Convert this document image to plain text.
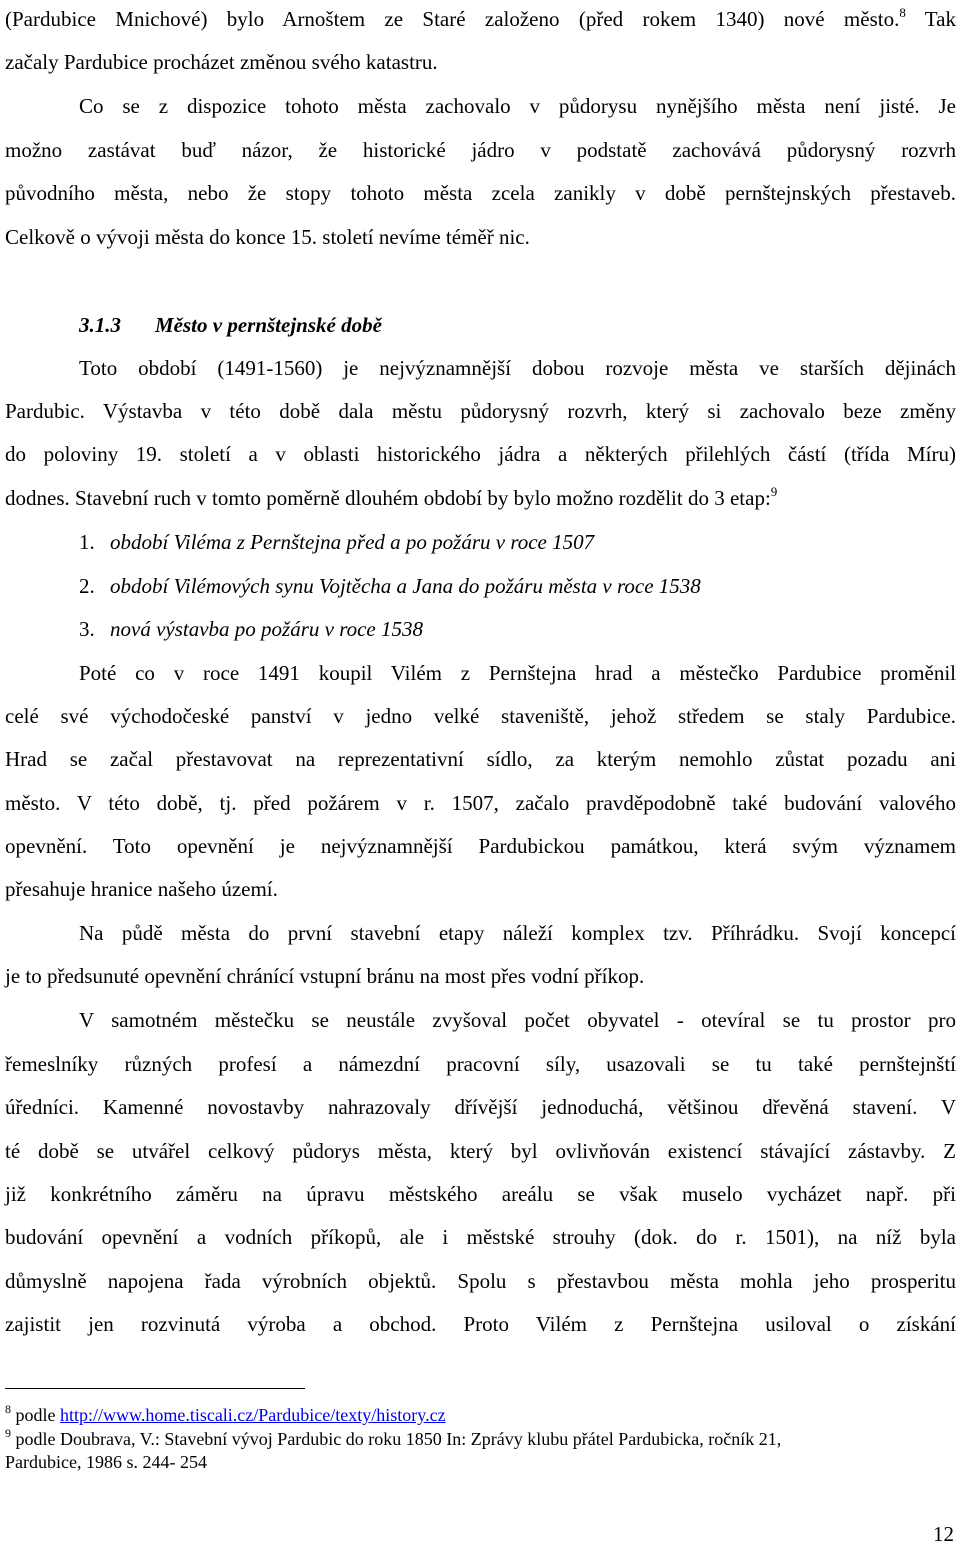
(Pardubice Mnichové) bylo Arnoštem ze Staré založeno (před rokem 1340) nové město.$^8$ Tak
začaly Pardubice procházet změnou svého katastru.
Co se z dispozice tohoto města zachovalo v půdorysu nynějšího města není jisté. Je
možno zastávat buď názor, že historické jádro v podstatě zachovává půdorysný rozvrh
původního města, nebo že stopy tohoto města zcela zanikly v době pernštejnských přestaveb.
Celkově o vývoji města do konce 15. století nevíme téměř nic.
3.1.3 Město v pernštejnské době
Toto období (1491-1560) je nejvýznamnější dobou rozvoje města ve starších dějinách
Pardubic. Výstavba v této době dala městu půdorysný rozvrh, který si zachovalo beze změny
do poloviny 19. století a v oblasti historického jádra a některých přilehlých částí (třída Míru)
dodnes. Stavební ruch v tomto poměrně dlouhém období by bylo možno rozdělit do 3 etap:$^9$
1. období Viléma z Pernštejna před a po požáru v roce 1507
2. období Vilémových synu Vojtěcha a Jana do požáru města v roce 1538
3. nová výstavba po požáru v roce 1538
Poté co v roce 1491 koupil Vilém z Pernštejna hrad a městečko Pardubice proměnil
celé své východočeské panství v jedno velké staveniště, jehož středem se staly Pardubice.
Hrad se začal přestavovat na reprezentativní sídlo, za kterým nemohlo zůstat pozadu ani
město. V této době, tj. před požárem v r. 1507, začalo pravděpodobně také budování valového
opevnění. Toto opevnění je nejvýznamnější Pardubickou památkou, která svým významem
přesahuje hranice našeho území.
Na půdě města do první stavební etapy náleží komplex tzv. Příhrádku. Svojí koncepcí
je to předsunuté opevnění chránící vstupní bránu na most přes vodní příkop.
V samotném městečku se neustále zvyšoval počet obyvatel - otevíral se tu prostor pro
řemeslníky různých profesí a námezdní pracovní síly, usazovali se tu také pernštejnští
úředníci. Kamenné novostavby nahrazovaly dřívější jednoduchá, většinou dřevěná stavení. V
té době se utvářel celkový půdorys města, který byl ovlivňován existencí stávající zástavby. Z
již konkrétního záměru na úpravu městského areálu se však muselo vycházet např. při
budování opevnění a vodních příkopů, ale i městské strouhy (dok. do r. 1501), na níž byla
důmyslně napojena řada výrobních objektů. Spolu s přestavbou města mohla jeho prosperitu
zajistit jen rozvinutá výroba a obchod. Proto Vilém z Pernštejna usiloval o získání
$^8$ podle http://www.home.tiscali.cz/Pardubice/texty/history.cz
$^9$ podle Doubrava, V.: Stavební vývoj Pardubic do roku 1850 In: Zprávy klubu přátel Pardubicka, ročník 21,
Pardubice, 1986 s. 244- 254
12
